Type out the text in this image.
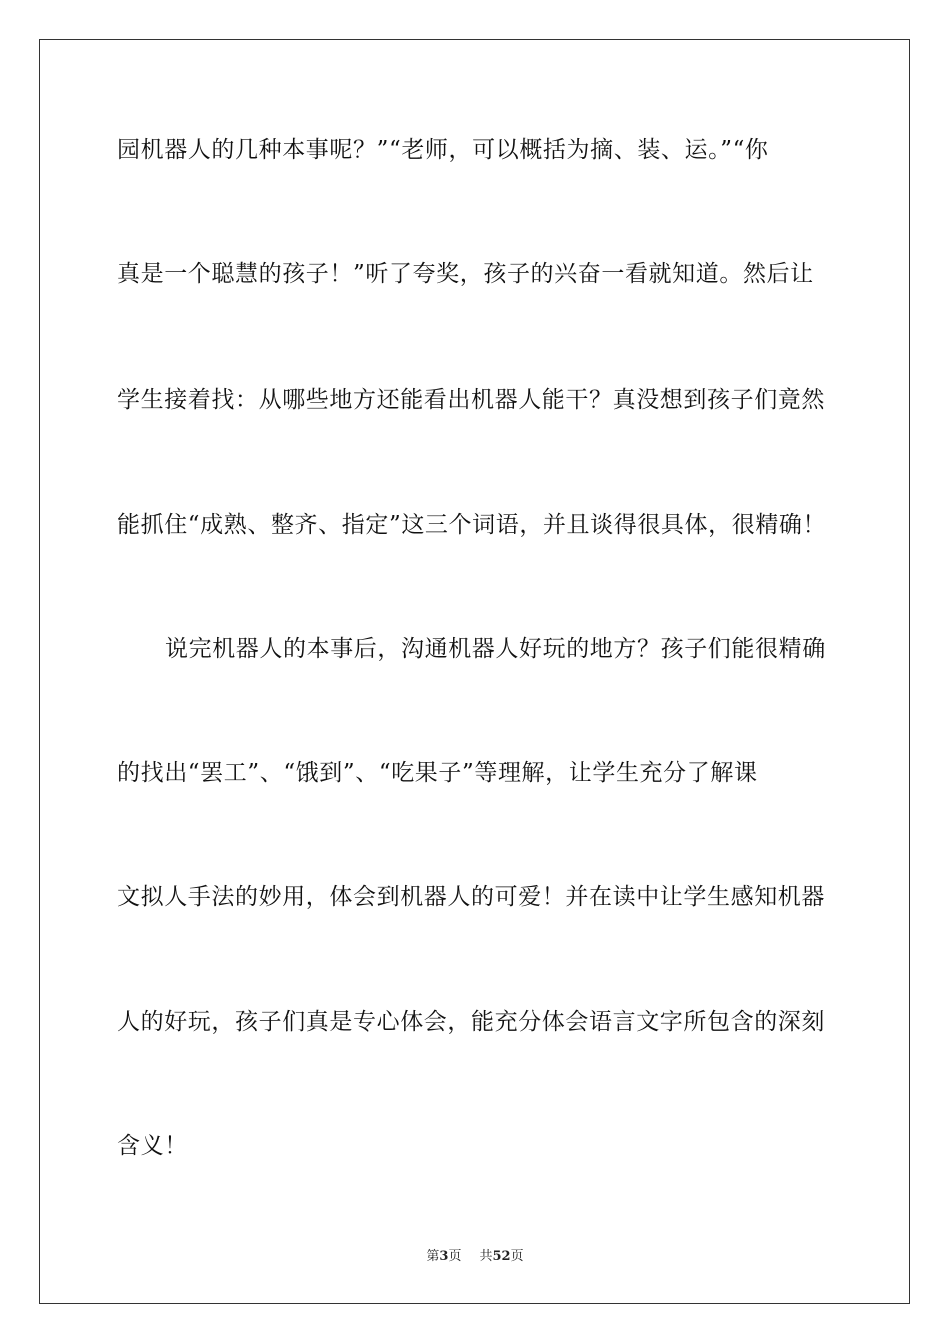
园机器人的几种本事呢？”“老师，可以概括为摘、装、运。”“你
真是一个聪慧的孩子！”听了夸奖，孩子的兴奋一看就知道。然后让
学生接着找：从哪些地方还能看出机器人能干？真没想到孩子们竟然
能抓住“成熟、整齐、指定”这三个词语，并且谈得很具体，很精确！
说完机器人的本事后，沟通机器人好玩的地方？孩子们能很精确
的找出“罢工”、“饿到”、“吃果子”等理解，让学生充分了解课
文拟人手法的妙用，体会到机器人的可爱！并在读中让学生感知机器
人的好玩，孩子们真是专心体会，能充分体会语言文字所包含的深刻
含义！
第3页 共52页
